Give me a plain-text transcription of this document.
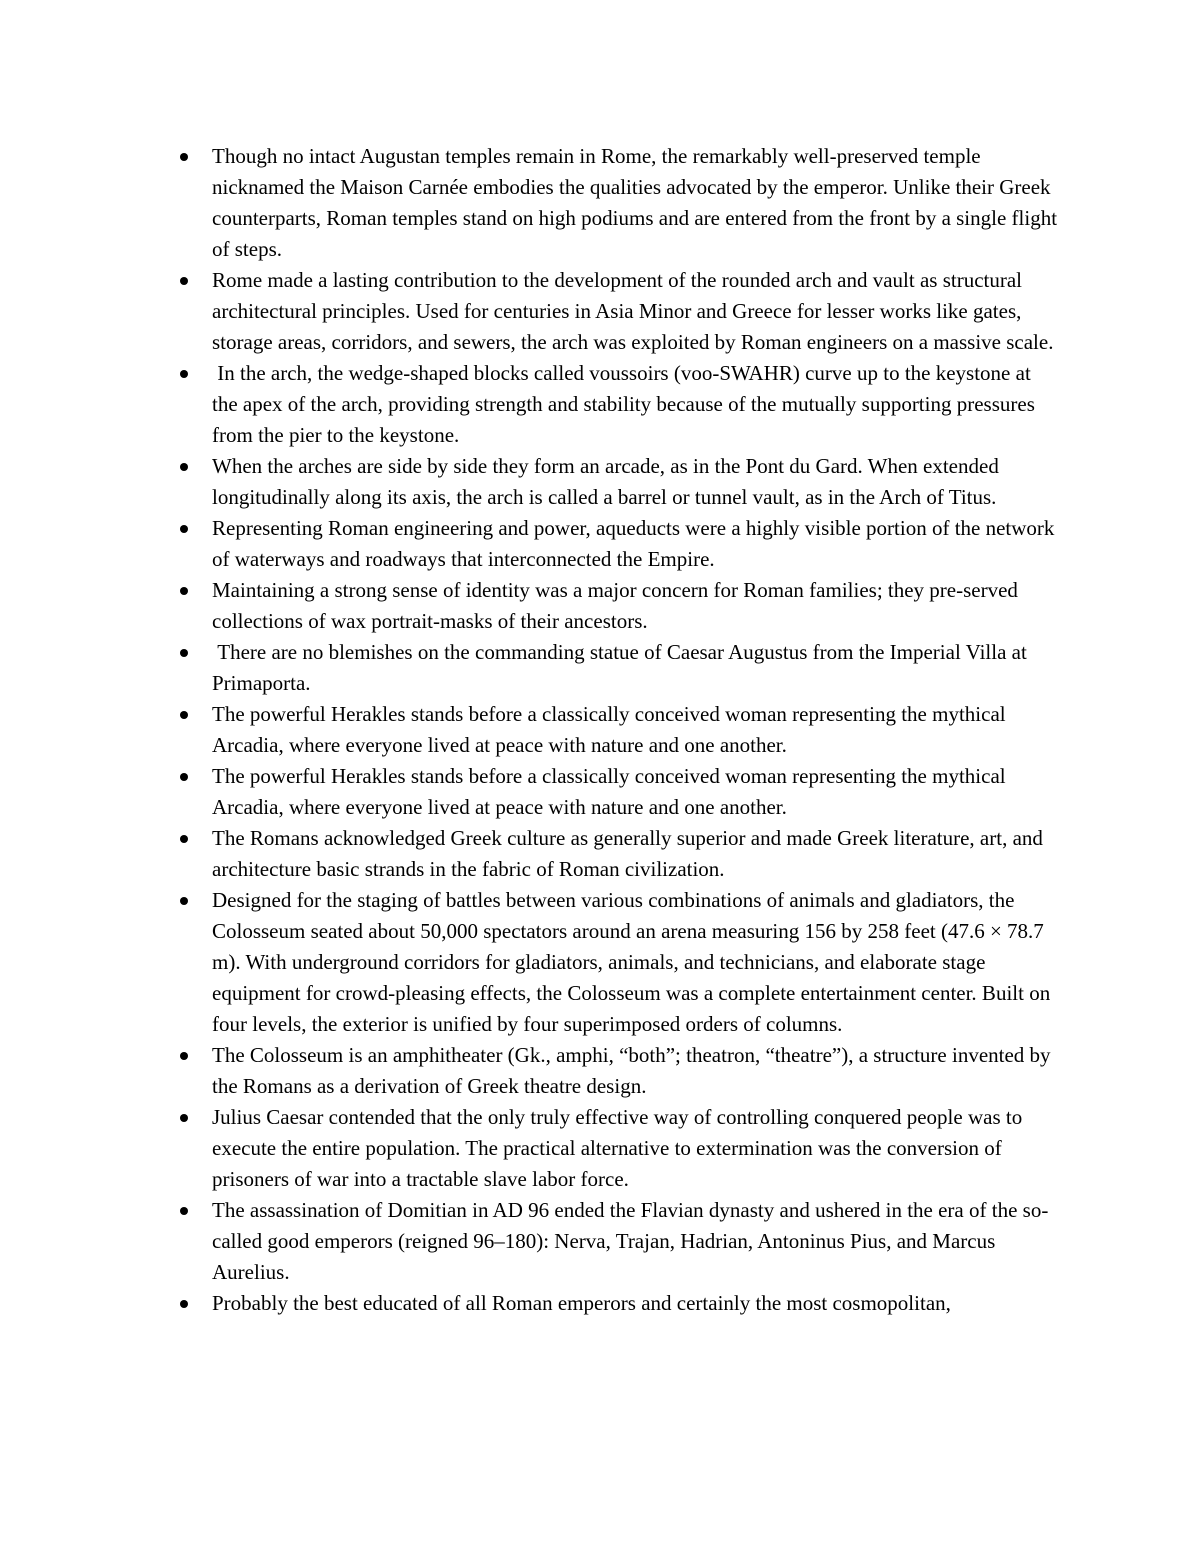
Though no intact Augustan temples remain in Rome, the remarkably well-preserved temple nicknamed the Maison Carnée embodies the qualities advocated by the emperor. Unlike their Greek counterparts, Roman temples stand on high podiums and are entered from the front by a single flight of steps.
Rome made a lasting contribution to the development of the rounded arch and vault as structural architectural principles. Used for centuries in Asia Minor and Greece for lesser works like gates, storage areas, corridors, and sewers, the arch was exploited by Roman engineers on a massive scale.
In the arch, the wedge-shaped blocks called voussoirs (voo-SWAHR) curve up to the keystone at the apex of the arch, providing strength and stability because of the mutually supporting pressures from the pier to the keystone.
When the arches are side by side they form an arcade, as in the Pont du Gard. When extended longitudinally along its axis, the arch is called a barrel or tunnel vault, as in the Arch of Titus.
Representing Roman engineering and power, aqueducts were a highly visible portion of the network of waterways and roadways that interconnected the Empire.
Maintaining a strong sense of identity was a major concern for Roman families; they pre-served collections of wax portrait-masks of their ancestors.
There are no blemishes on the commanding statue of Caesar Augustus from the Imperial Villa at Primaporta.
The powerful Herakles stands before a classically conceived woman representing the mythical Arcadia, where everyone lived at peace with nature and one another.
The powerful Herakles stands before a classically conceived woman representing the mythical Arcadia, where everyone lived at peace with nature and one another.
The Romans acknowledged Greek culture as generally superior and made Greek literature, art, and architecture basic strands in the fabric of Roman civilization.
Designed for the staging of battles between various combinations of animals and gladiators, the Colosseum seated about 50,000 spectators around an arena measuring 156 by 258 feet (47.6 × 78.7 m). With underground corridors for gladiators, animals, and technicians, and elaborate stage equipment for crowd-pleasing effects, the Colosseum was a complete entertainment center. Built on four levels, the exterior is unified by four superimposed orders of columns.
The Colosseum is an amphitheater (Gk., amphi, “both”; theatron, “theatre”), a structure invented by the Romans as a derivation of Greek theatre design.
Julius Caesar contended that the only truly effective way of controlling conquered people was to execute the entire population. The practical alternative to extermination was the conversion of prisoners of war into a tractable slave labor force.
The assassination of Domitian in AD 96 ended the Flavian dynasty and ushered in the era of the so-called good emperors (reigned 96–180): Nerva, Trajan, Hadrian, Antoninus Pius, and Marcus Aurelius.
Probably the best educated of all Roman emperors and certainly the most cosmopolitan,
